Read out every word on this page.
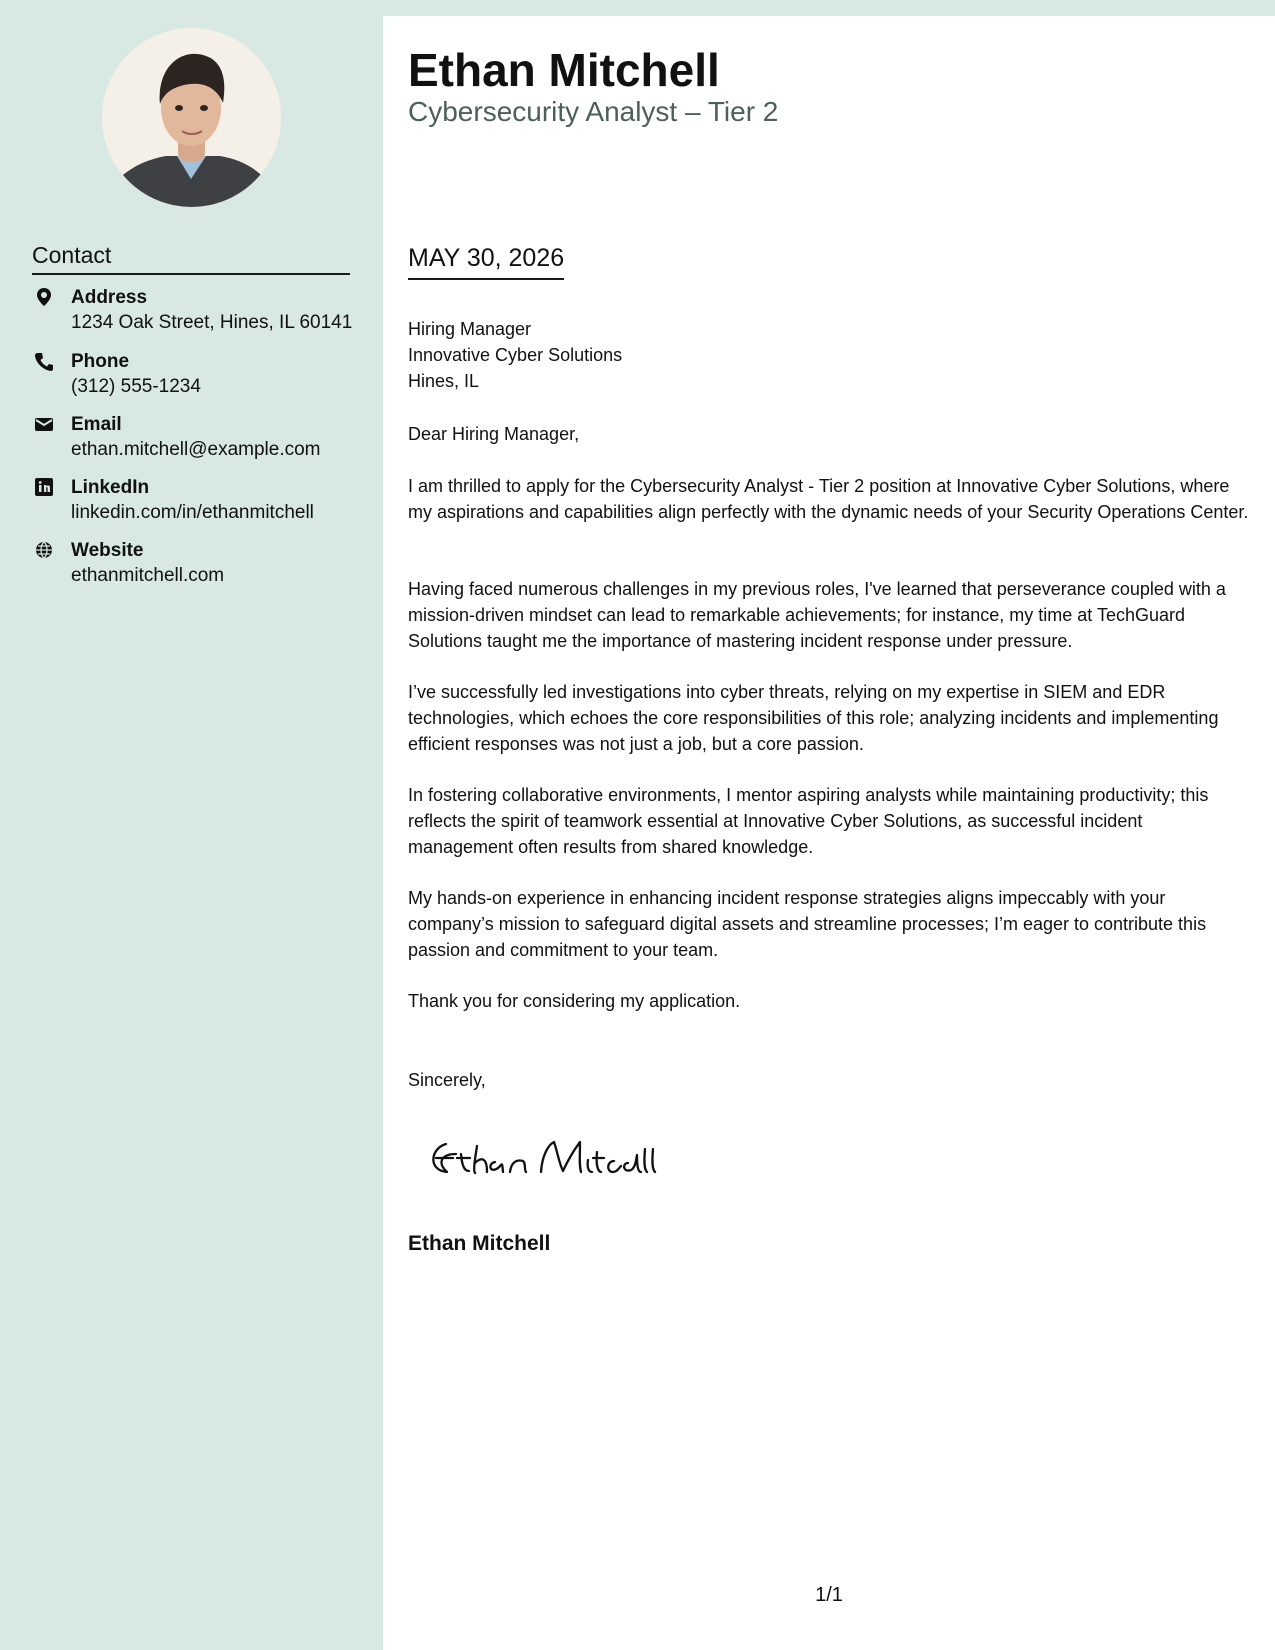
Contact
Address
1234 Oak Street, Hines, IL 60141
Phone
(312) 555-1234
Email
ethan.mitchell@example.com
LinkedIn
linkedin.com/in/ethanmitchell
Website
ethanmitchell.com
Ethan Mitchell
Cybersecurity Analyst – Tier 2
MAY 30, 2026
Hiring Manager
Innovative Cyber Solutions
Hines, IL
Dear Hiring Manager,
I am thrilled to apply for the Cybersecurity Analyst - Tier 2 position at Innovative Cyber Solutions, where my aspirations and capabilities align perfectly with the dynamic needs of your Security Operations Center.
Having faced numerous challenges in my previous roles, I've learned that perseverance coupled with a mission-driven mindset can lead to remarkable achievements; for instance, my time at TechGuard Solutions taught me the importance of mastering incident response under pressure.
I’ve successfully led investigations into cyber threats, relying on my expertise in SIEM and EDR technologies, which echoes the core responsibilities of this role; analyzing incidents and implementing efficient responses was not just a job, but a core passion.
In fostering collaborative environments, I mentor aspiring analysts while maintaining productivity; this reflects the spirit of teamwork essential at Innovative Cyber Solutions, as successful incident management often results from shared knowledge.
My hands-on experience in enhancing incident response strategies aligns impeccably with your company’s mission to safeguard digital assets and streamline processes; I’m eager to contribute this passion and commitment to your team.
Thank you for considering my application.
Sincerely,
Ethan Mitchell
1/1
